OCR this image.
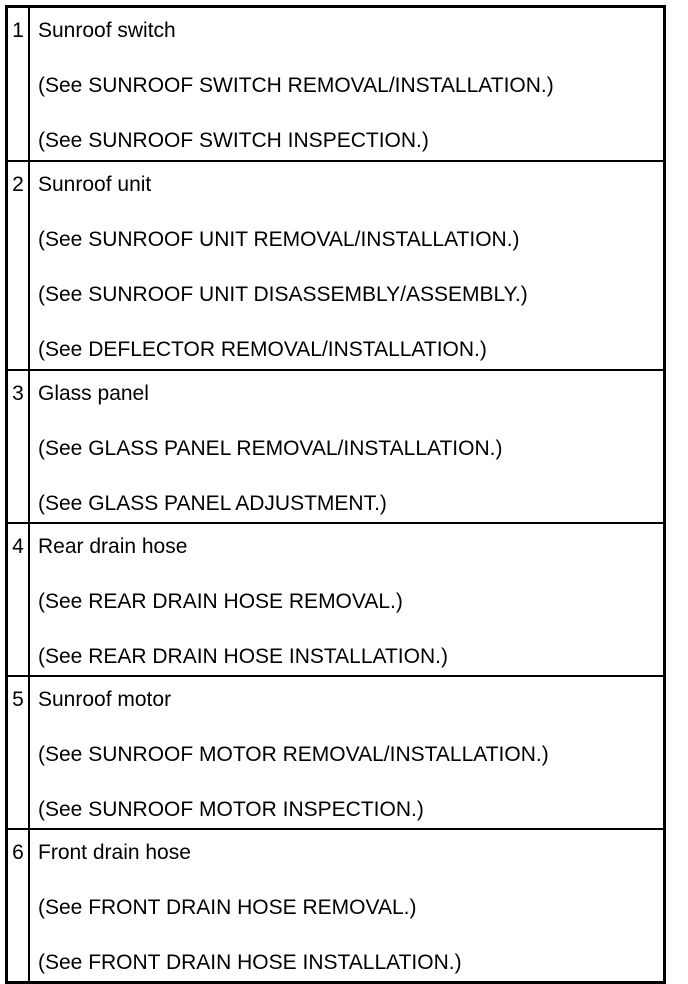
1 Sunroof switch
(See SUNROOF SWITCH REMOVAL/INSTALLATION.)
(See SUNROOF SWITCH INSPECTION.)
2 Sunroof unit
(See SUNROOF UNIT REMOVAL/INSTALLATION.)
(See SUNROOF UNIT DISASSEMBLY/ASSEMBLY.)
(See DEFLECTOR REMOVAL/INSTALLATION.)
3 Glass panel
(See GLASS PANEL REMOVAL/INSTALLATION.)
(See GLASS PANEL ADJUSTMENT.)
4 Rear drain hose
(See REAR DRAIN HOSE REMOVAL.)
(See REAR DRAIN HOSE INSTALLATION.)
5 Sunroof motor
(See SUNROOF MOTOR REMOVAL/INSTALLATION.)
(See SUNROOF MOTOR INSPECTION.)
6 Front drain hose
(See FRONT DRAIN HOSE REMOVAL.)
(See FRONT DRAIN HOSE INSTALLATION.)
